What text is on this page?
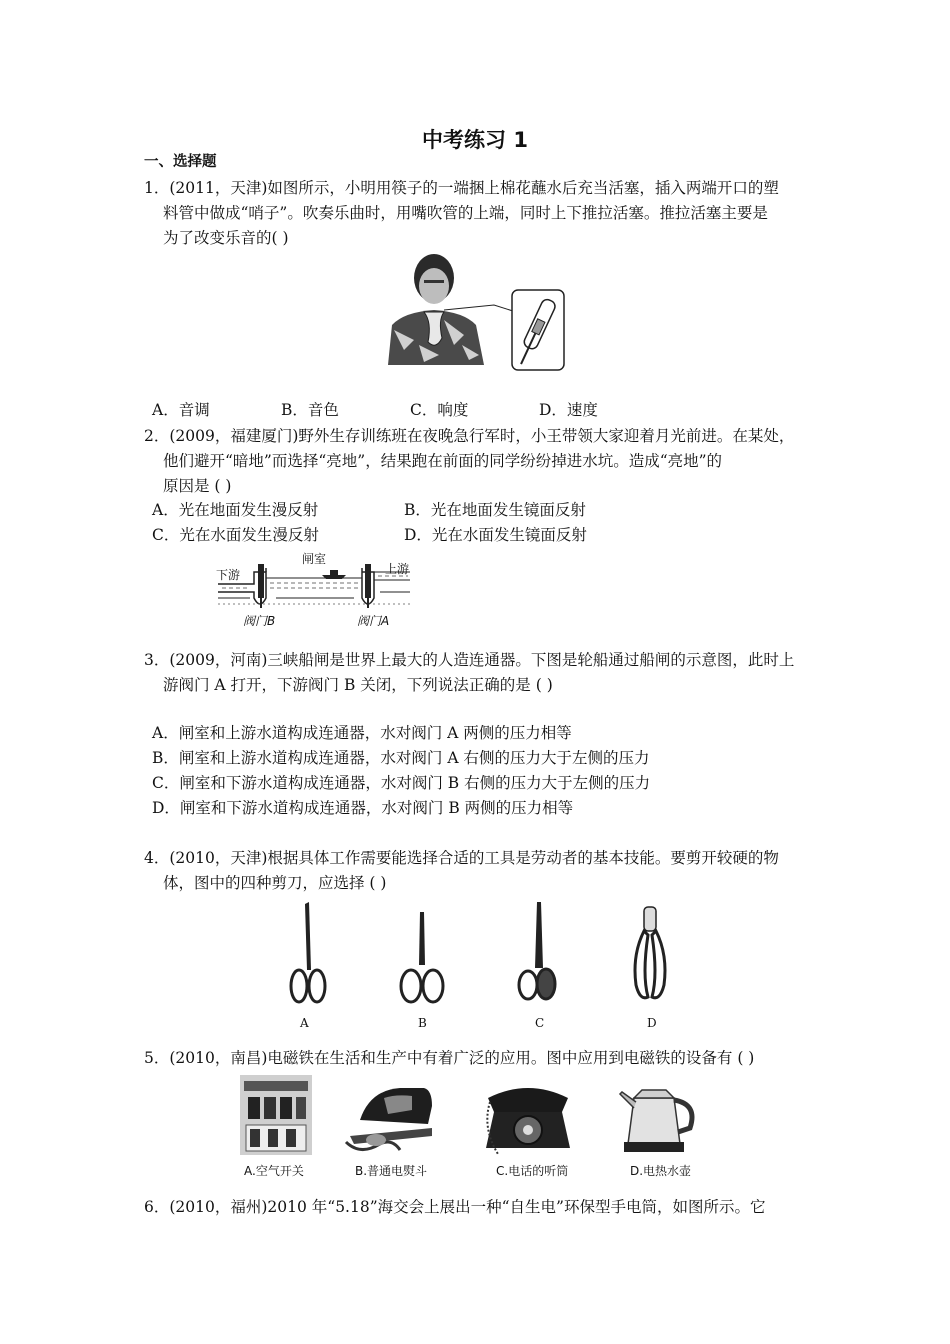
中考练习 1
一、选择题
1．(2011，天津)如图所示，小明用筷子的一端捆上棉花蘸水后充当活塞，插入两端开口的塑
料管中做成“哨子”。吹奏乐曲时，用嘴吹管的上端，同时上下推拉活塞。推拉活塞主要是
为了改变乐音的( )
A．音调	B．音色	C．响度	D．速度
2．(2009，福建厦门)野外生存训练班在夜晚急行军时，小王带领大家迎着月光前进。在某处，
他们避开“暗地”而选择“亮地”，结果跑在前面的同学纷纷掉进水坑。造成“亮地”的
原因是 ( )
A．光在地面发生漫反射	B．光在地面发生镜面反射
C．光在水面发生漫反射	D．光在水面发生镜面反射
闸室
下游	上游
阀门B	阀门A
3．(2009，河南)三峡船闸是世界上最大的人造连通器。下图是轮船通过船闸的示意图，此时上
游阀门 A 打开，下游阀门 B 关闭，下列说法正确的是 ( )
A．闸室和上游水道构成连通器，水对阀门 A 两侧的压力相等
B．闸室和上游水道构成连通器，水对阀门 A 右侧的压力大于左侧的压力
C．闸室和下游水道构成连通器，水对阀门 B 右侧的压力大于左侧的压力
D．闸室和下游水道构成连通器，水对阀门 B 两侧的压力相等
4．(2010，天津)根据具体工作需要能选择合适的工具是劳动者的基本技能。要剪开较硬的物
体，图中的四种剪刀，应选择 ( )
A	B	C	D
5．(2010，南昌)电磁铁在生活和生产中有着广泛的应用。图中应用到电磁铁的设备有 ( )
A.空气开关	B.普通电熨斗	C.电话的听筒	D.电热水壶
6．(2010，福州)2010 年“5.18”海交会上展出一种“自生电”环保型手电筒，如图所示。它
